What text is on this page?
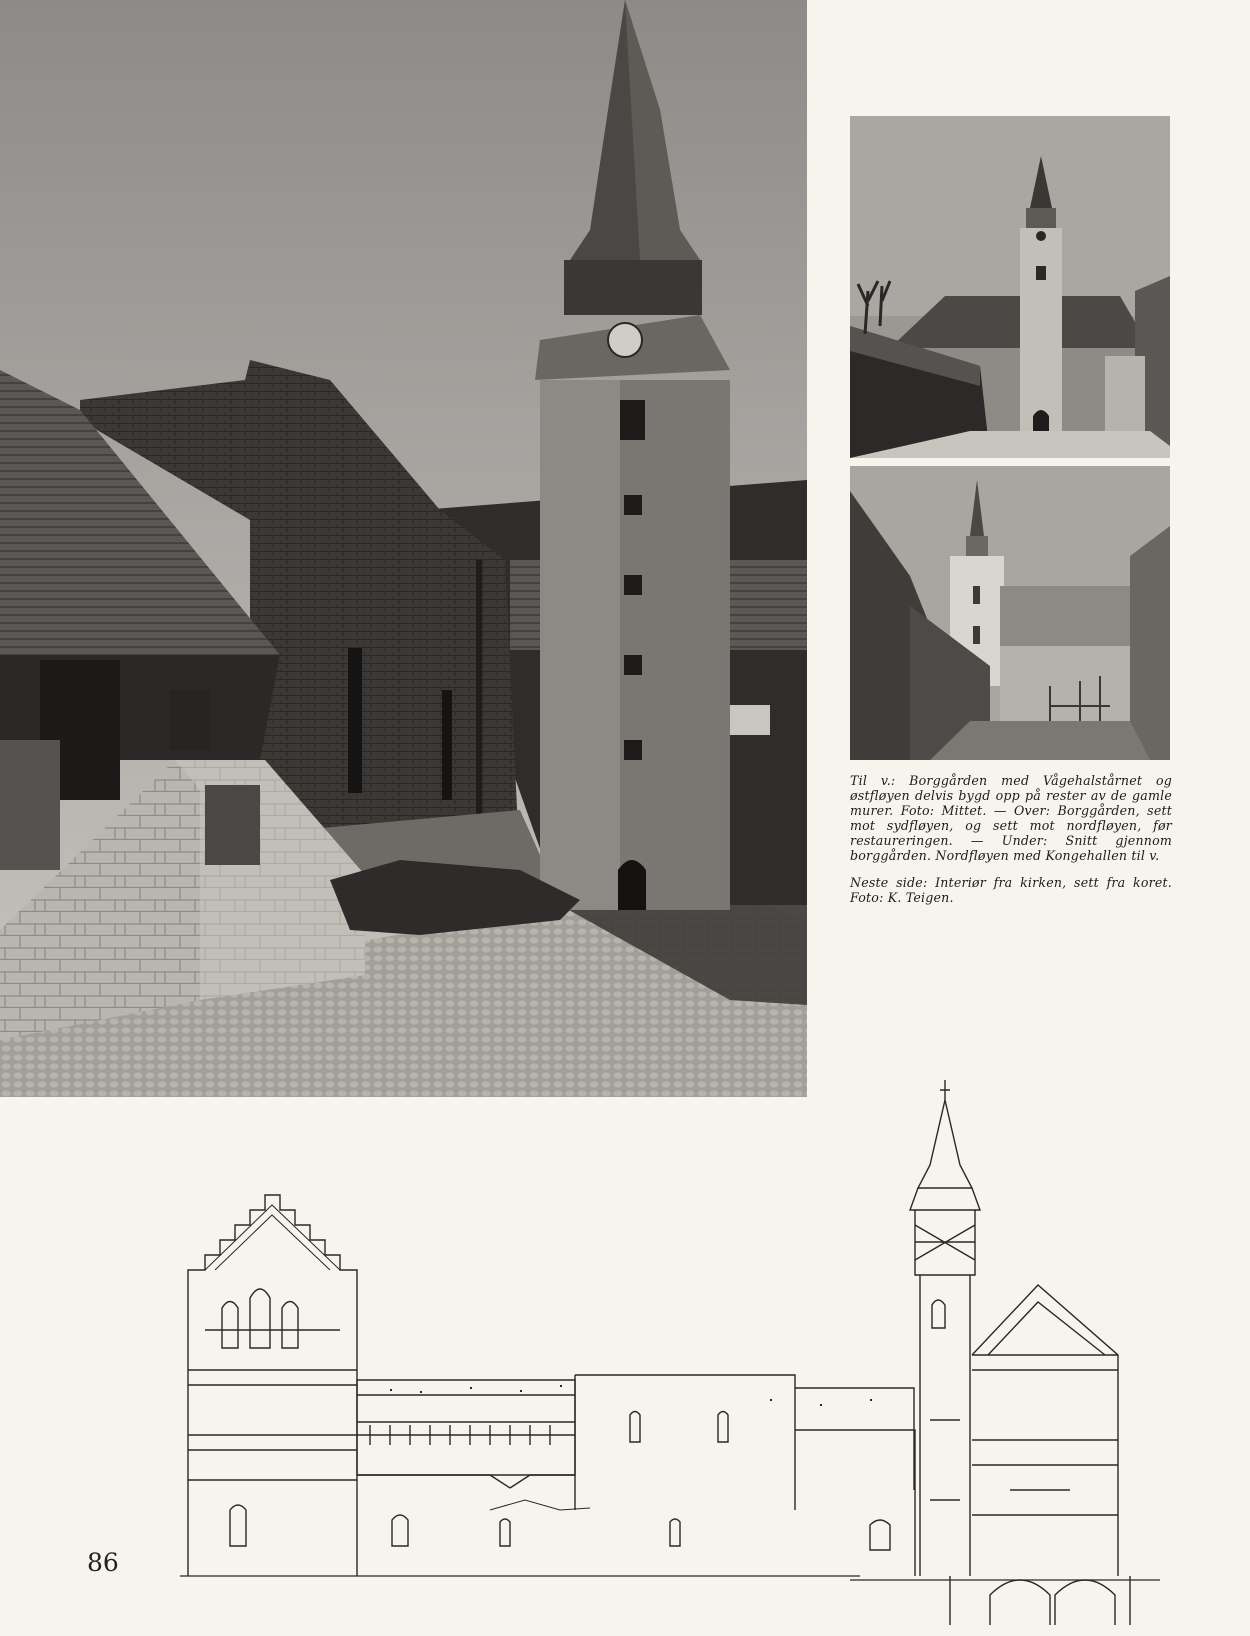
Til v.: Borggården med Vågehalstårnet og østfløyen delvis bygd opp på rester av de gamle murer. Foto: Mittet. — Over: Borggården, sett mot sydfløyen, og sett mot nordfløyen, før restaureringen. — Under: Snitt gjennom borggården. Nordfløyen med Kongehallen til v.

Neste side: Interiør fra kirken, sett fra koret. Foto: K. Teigen.

86
